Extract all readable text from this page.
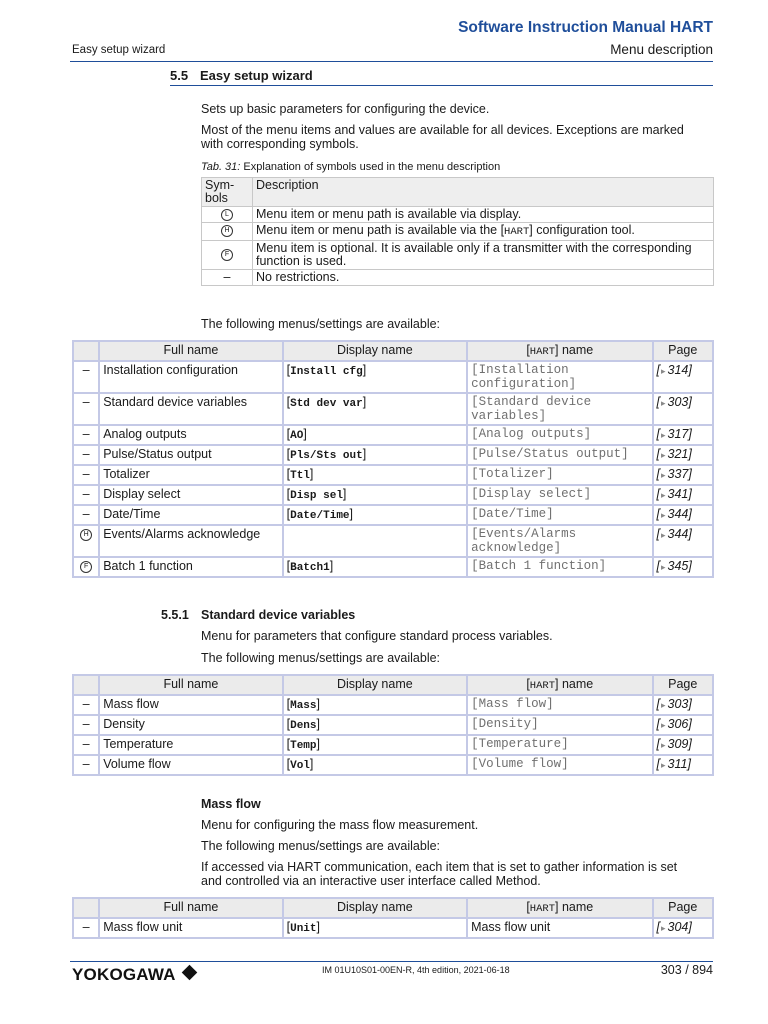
Software Instruction Manual HART
Easy setup wizard	Menu description
5.5 Easy setup wizard
Sets up basic parameters for configuring the device.
Most of the menu items and values are available for all devices. Exceptions are marked
with corresponding symbols.
Tab. 31: Explanation of symbols used in the menu description
Sym-
bols	Description
L	Menu item or menu path is available via display.
H	Menu item or menu path is available via the [HART] configuration tool.
F	Menu item is optional. It is available only if a transmitter with the corresponding
function is used.

–	No restrictions.
The following menus/settings are available:
	Full name	Display name	[HART] name	Page
–	Installation configuration	[Install cfg]	[Installation
configuration]	[▸ 314]
–	Standard device variables	[Std dev var]	[Standard device
variables]	[▸ 303]
–	Analog outputs	[AO]	[Analog outputs]	[▸ 317]
–	Pulse/Status output	[Pls/Sts out]	[Pulse/Status output]	[▸ 321]
–	Totalizer	[Ttl]	[Totalizer]	[▸ 337]
–	Display select	[Disp sel]	[Display select]	[▸ 341]
–	Date/Time	[Date/Time]	[Date/Time]	[▸ 344]
H	Events/Alarms acknowledge		[Events/Alarms
acknowledge]	[▸ 344]
F	Batch 1 function	[Batch1]	[Batch 1 function]	[▸ 345]
5.5.1 Standard device variables
Menu for parameters that configure standard process variables.
The following menus/settings are available:
	Full name	Display name	[HART] name	Page
–	Mass flow	[Mass]	[Mass flow]	[▸ 303]
–	Density	[Dens]	[Density]	[▸ 306]
–	Temperature	[Temp]	[Temperature]	[▸ 309]
–	Volume flow	[Vol]	[Volume flow]	[▸ 311]
Mass flow
Menu for configuring the mass flow measurement.
The following menus/settings are available:
If accessed via HART communication, each item that is set to gather information is set
and controlled via an interactive user interface called Method.
	Full name	Display name	[HART] name	Page
–	Mass flow unit	[Unit]	Mass flow unit	[▸ 304]
YOKOGAWA	IM 01U10S01-00EN-R, 4th edition, 2021-06-18	303 / 894
